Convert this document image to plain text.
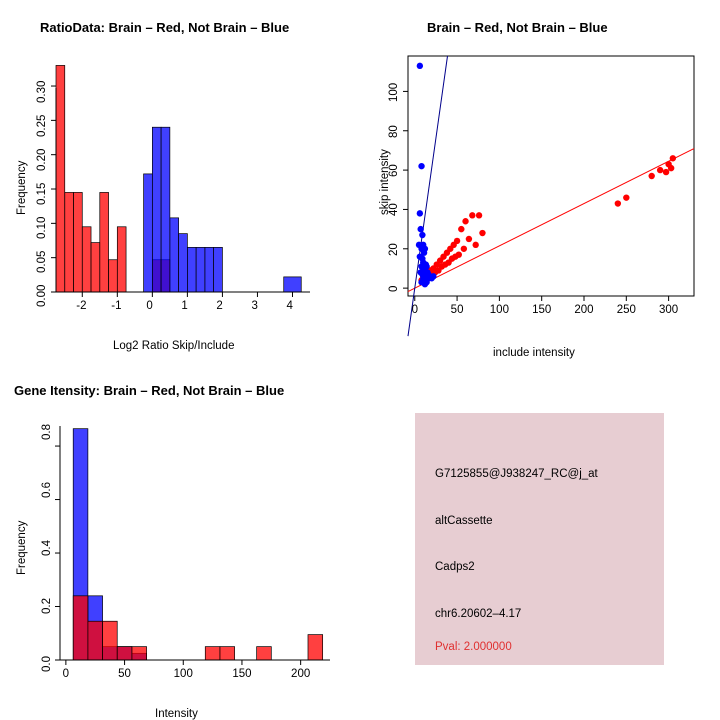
RatioData: Brain – Red, Not Brain – Blue
Frequency
Log2 Ratio Skip/Include
0.00
0.05
0.10
0.15
0.20
0.25
0.30
-2 -1 0 1 2 3 4
Brain – Red, Not Brain – Blue
skip intensity
include intensity
0	50 100 150 200 250 300
0
20
40
60
80
100
Gene Itensity: Brain – Red, Not Brain – Blue
Frequency
Intensity
0.0
0.2
0.4
0.6
0.8
0	50	100	150	200
G7125855@J938247_RC@j_at
altCassette
Cadps2
chr6.20602–4.17
Pval: 2.000000
